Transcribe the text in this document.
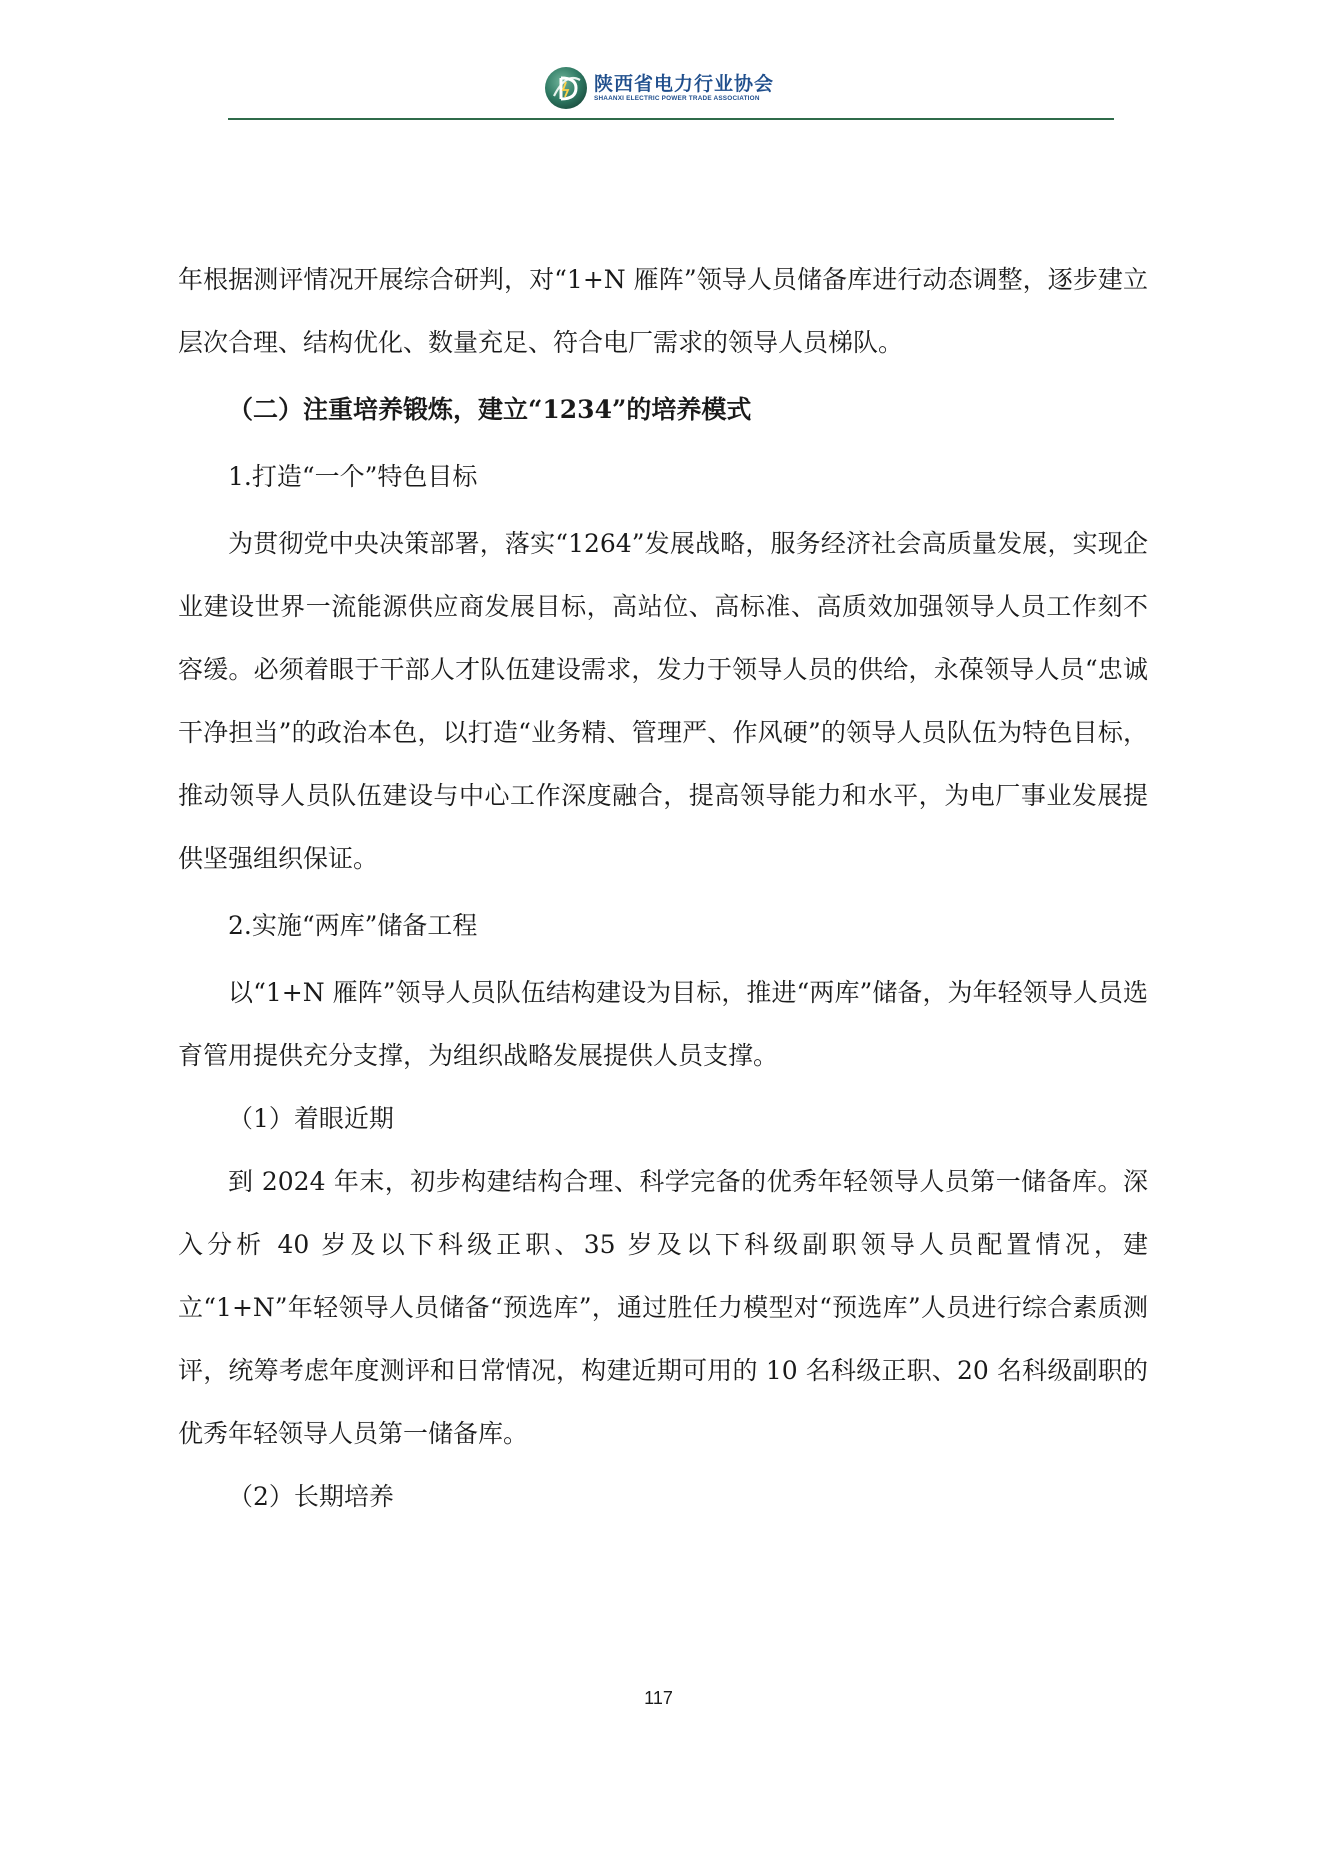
陕西省电力行业协会
SHAANXI ELECTRIC POWER TRADE ASSOCIATION

年根据测评情况开展综合研判，对“1+N 雁阵”领导人员储备库进行动态调整，逐步建立层次合理、结构优化、数量充足、符合电厂需求的领导人员梯队。

（二）注重培养锻炼，建立“1234”的培养模式

1.打造“一个”特色目标

为贯彻党中央决策部署，落实“1264”发展战略，服务经济社会高质量发展，实现企业建设世界一流能源供应商发展目标，高站位、高标准、高质效加强领导人员工作刻不容缓。必须着眼于干部人才队伍建设需求，发力于领导人员的供给，永葆领导人员“忠诚干净担当”的政治本色，以打造“业务精、管理严、作风硬”的领导人员队伍为特色目标，推动领导人员队伍建设与中心工作深度融合，提高领导能力和水平，为电厂事业发展提供坚强组织保证。

2.实施“两库”储备工程

以“1+N 雁阵”领导人员队伍结构建设为目标，推进“两库”储备，为年轻领导人员选育管用提供充分支撑，为组织战略发展提供人员支撑。

（1）着眼近期

到 2024 年末，初步构建结构合理、科学完备的优秀年轻领导人员第一储备库。深入分析 40 岁及以下科级正职、35 岁及以下科级副职领导人员配置情况，建立“1+N”年轻领导人员储备“预选库”，通过胜任力模型对“预选库”人员进行综合素质测评，统筹考虑年度测评和日常情况，构建近期可用的 10 名科级正职、20 名科级副职的优秀年轻领导人员第一储备库。

（2）长期培养

117
